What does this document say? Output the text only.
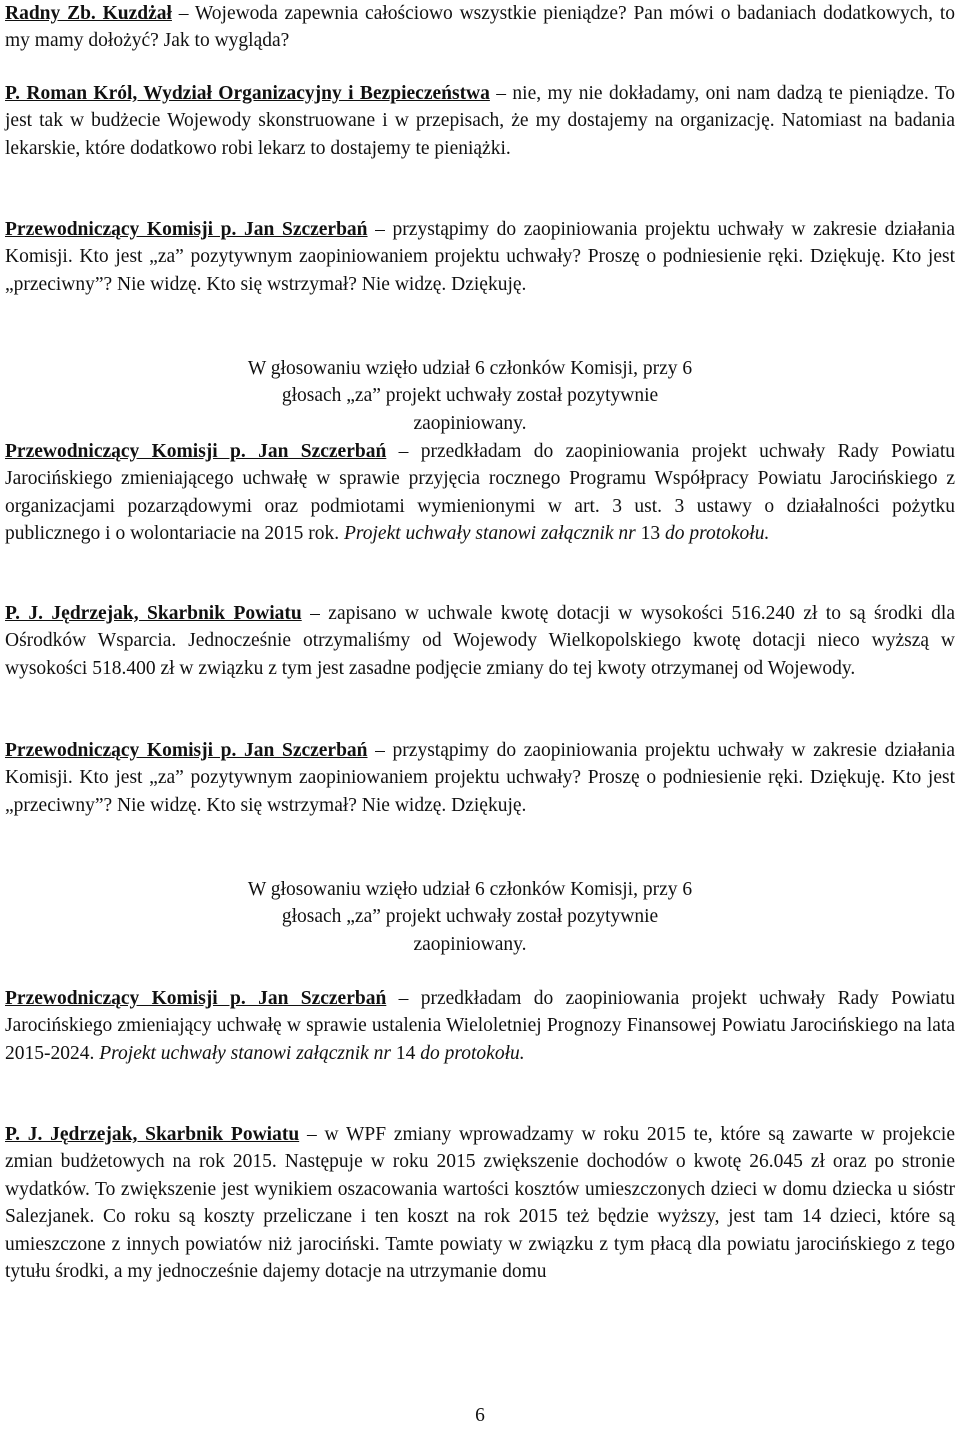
Radny Zb. Kuzdżał – Wojewoda zapewnia całościowo wszystkie pieniądze? Pan mówi o badaniach dodatkowych, to my mamy dołożyć? Jak to wygląda?

P. Roman Król, Wydział Organizacyjny i Bezpieczeństwa – nie, my nie dokładamy, oni nam dadzą te pieniądze. To jest tak w budżecie Wojewody skonstruowane i w przepisach, że my dostajemy na organizację. Natomiast na badania lekarskie, które dodatkowo robi lekarz to dostajemy te pieniążki.

Przewodniczący Komisji p. Jan Szczerbań – przystąpimy do zaopiniowania projektu uchwały w zakresie działania Komisji. Kto jest „za” pozytywnym zaopiniowaniem projektu uchwały? Proszę o podniesienie ręki. Dziękuję. Kto jest „przeciwny”? Nie widzę. Kto się wstrzymał? Nie widzę. Dziękuję.

W głosowaniu wzięło udział 6 członków Komisji, przy 6 głosach „za” projekt uchwały został pozytywnie zaopiniowany.

Przewodniczący Komisji p. Jan Szczerbań – przedkładam do zaopiniowania projekt uchwały Rady Powiatu Jarocińskiego zmieniającego uchwałę w sprawie przyjęcia rocznego Programu Współpracy Powiatu Jarocińskiego z organizacjami pozarządowymi oraz podmiotami wymienionymi w art. 3 ust. 3 ustawy o działalności pożytku publicznego i o wolontariacie na 2015 rok. Projekt uchwały stanowi załącznik nr 13 do protokołu.

P. J. Jędrzejak, Skarbnik Powiatu – zapisano w uchwale kwotę dotacji w wysokości 516.240 zł to są środki dla Ośrodków Wsparcia. Jednocześnie otrzymaliśmy od Wojewody Wielkopolskiego kwotę dotacji nieco wyższą w wysokości 518.400 zł w związku z tym jest zasadne podjęcie zmiany do tej kwoty otrzymanej od Wojewody.

Przewodniczący Komisji p. Jan Szczerbań – przystąpimy do zaopiniowania projektu uchwały w zakresie działania Komisji. Kto jest „za” pozytywnym zaopiniowaniem projektu uchwały? Proszę o podniesienie ręki. Dziękuję. Kto jest „przeciwny”? Nie widzę. Kto się wstrzymał? Nie widzę. Dziękuję.

W głosowaniu wzięło udział 6 członków Komisji, przy 6 głosach „za” projekt uchwały został pozytywnie zaopiniowany.

Przewodniczący Komisji p. Jan Szczerbań – przedkładam do zaopiniowania projekt uchwały Rady Powiatu Jarocińskiego zmieniający uchwałę w sprawie ustalenia Wieloletniej Prognozy Finansowej Powiatu Jarocińskiego na lata 2015-2024. Projekt uchwały stanowi załącznik nr 14 do protokołu.

P. J. Jędrzejak, Skarbnik Powiatu – w WPF zmiany wprowadzamy w roku 2015 te, które są zawarte w projekcie zmian budżetowych na rok 2015. Następuje w roku 2015 zwiększenie dochodów o kwotę 26.045 zł oraz po stronie wydatków. To zwiększenie jest wynikiem oszacowania wartości kosztów umieszczonych dzieci w domu dziecka u sióstr Salezjanek. Co roku są koszty przeliczane i ten koszt na rok 2015 też będzie wyższy, jest tam 14 dzieci, które są umieszczone z innych powiatów niż jarociński. Tamte powiaty w związku z tym płacą dla powiatu jarocińskiego z tego tytułu środki, a my jednocześnie dajemy dotacje na utrzymanie domu

6
